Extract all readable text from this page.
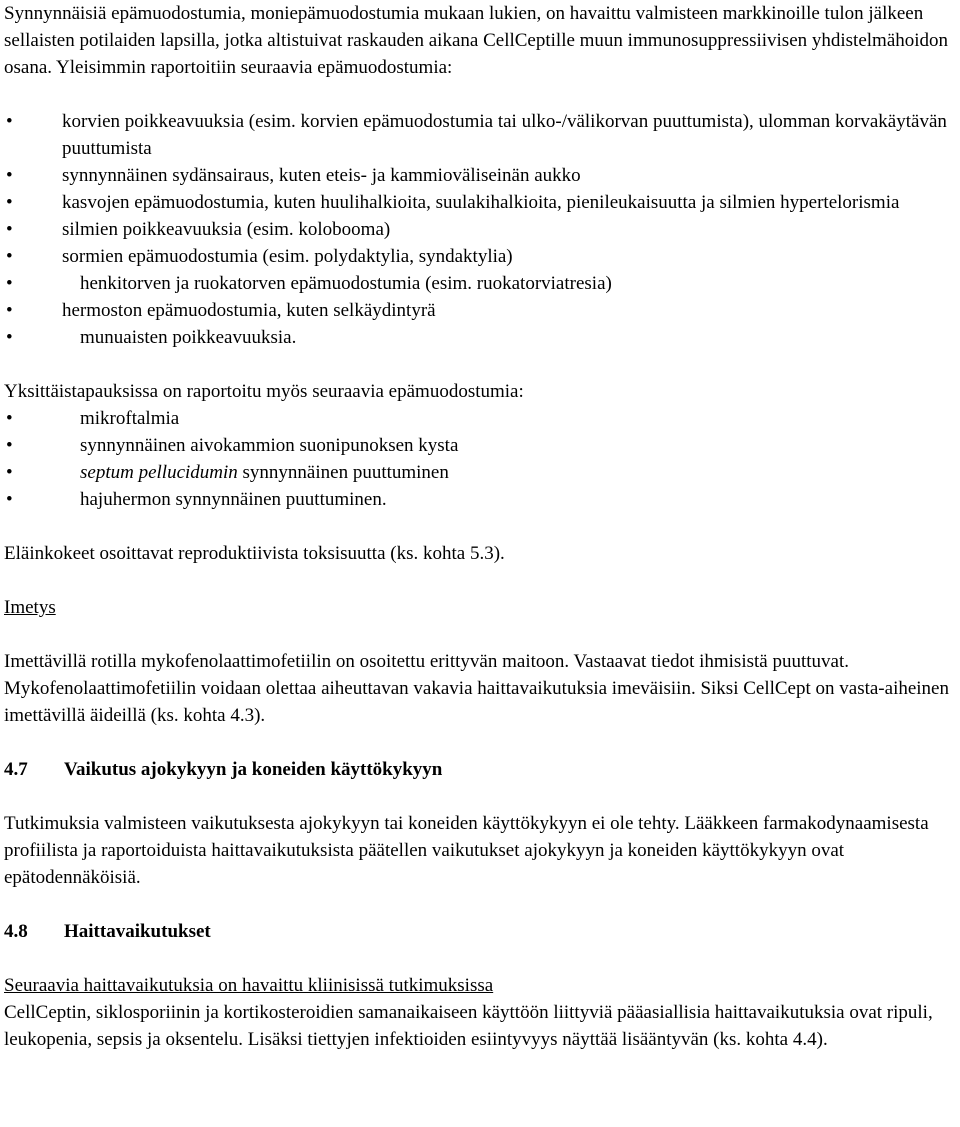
Synnynnäisiä epämuodostumia, moniepämuodostumia mukaan lukien, on havaittu valmisteen markkinoille tulon jälkeen sellaisten potilaiden lapsilla, jotka altistuivat raskauden aikana CellCeptille muun immunosuppressiivisen yhdistelmähoidon osana. Yleisimmin raportoitiin seuraavia epämuodostumia:

•	korvien poikkeavuuksia (esim. korvien epämuodostumia tai ulko-/välikorvan puuttumista), ulomman korvakäytävän puuttumista
•	synnynnäinen sydänsairaus, kuten eteis- ja kammioväliseinän aukko
•	kasvojen epämuodostumia, kuten huulihalkioita, suulakihalkioita, pienileukaisuutta ja silmien hypertelorismia
•	silmien poikkeavuuksia (esim. kolobooma)
•	sormien epämuodostumia (esim. polydaktylia, syndaktylia)
•	henkitorven ja ruokatorven epämuodostumia (esim. ruokatorviatresia)
•	hermoston epämuodostumia, kuten selkäydintyrä
•	munuaisten poikkeavuuksia.

Yksittäistapauksissa on raportoitu myös seuraavia epämuodostumia:

•	mikroftalmia
•	synnynnäinen aivokammion suonipunoksen kysta
•	septum pellucidumin synnynnäinen puuttuminen
•	hajuhermon synnynnäinen puuttuminen.

Eläinkokeet osoittavat reproduktiivista toksisuutta (ks. kohta 5.3).

Imetys

Imettävillä rotilla mykofenolaattimofetiilin on osoitettu erittyvän maitoon. Vastaavat tiedot ihmisistä puuttuvat. Mykofenolaattimofetiilin voidaan olettaa aiheuttavan vakavia haittavaikutuksia imeväisiin. Siksi CellCept on vasta-aiheinen imettävillä äideillä (ks. kohta 4.3).

4.7 Vaikutus ajokykyyn ja koneiden käyttökykyyn

Tutkimuksia valmisteen vaikutuksesta ajokykyyn tai koneiden käyttökykyyn ei ole tehty. Lääkkeen farmakodynaamisesta profiilista ja raportoiduista haittavaikutuksista päätellen vaikutukset ajokykyyn ja koneiden käyttökykyyn ovat epätodennäköisiä.

4.8 Haittavaikutukset

Seuraavia haittavaikutuksia on havaittu kliinisissä tutkimuksissa

CellCeptin, siklosporiinin ja kortikosteroidien samanaikaiseen käyttöön liittyviä pääasiallisia haittavaikutuksia ovat ripuli, leukopenia, sepsis ja oksentelu. Lisäksi tiettyjen infektioiden esiintyvyys näyttää lisääntyvän (ks. kohta 4.4).
